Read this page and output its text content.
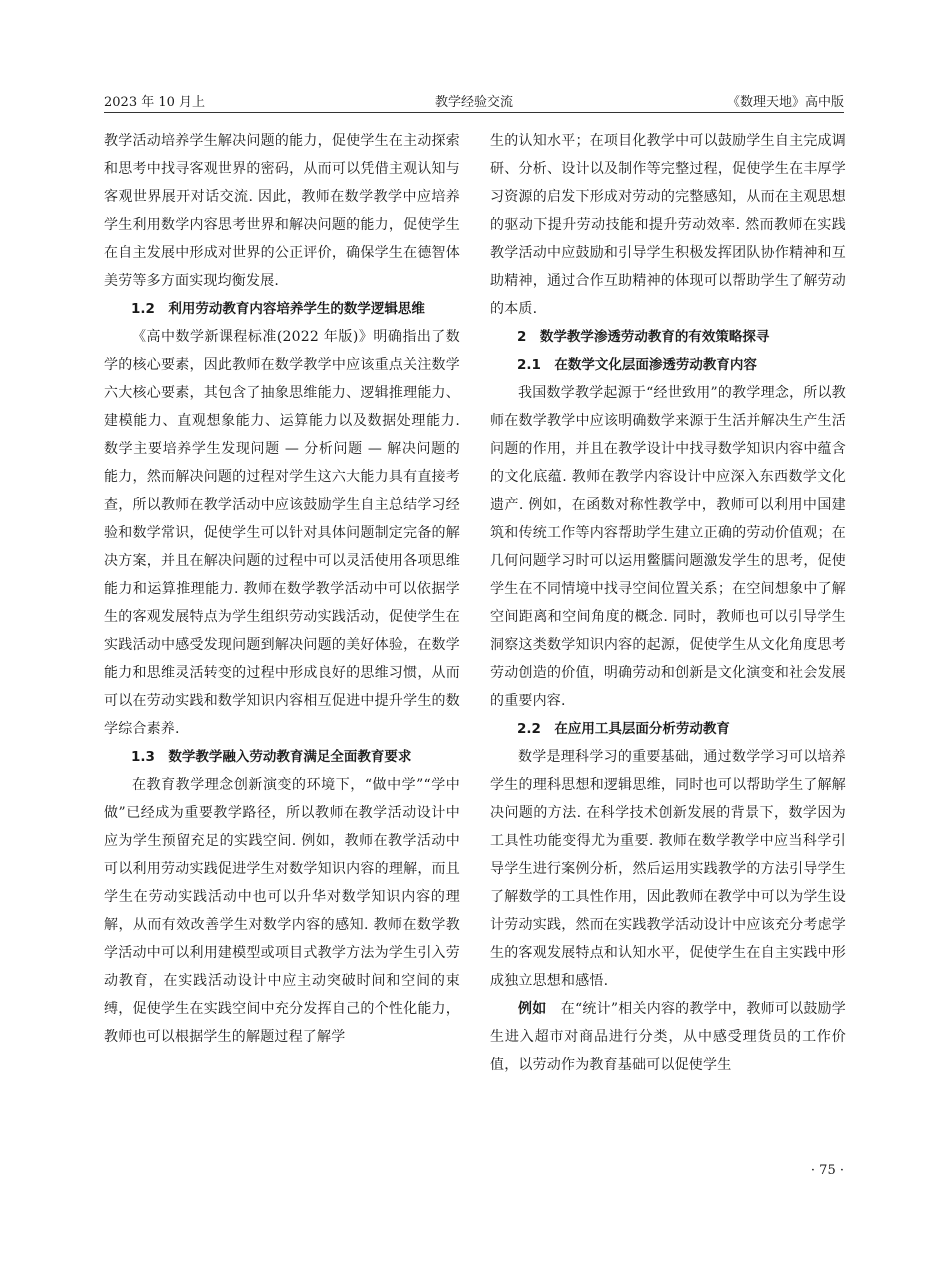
2023 年 10 月上	教学经验交流	《数理天地》高中版

教学活动培养学生解决问题的能力，促使学生在主动探索和思考中找寻客观世界的密码，从而可以凭借主观认知与客观世界展开对话交流. 因此，教师在数学教学中应培养学生利用数学内容思考世界和解决问题的能力，促使学生在自主发展中形成对世界的公正评价，确保学生在德智体美劳等多方面实现均衡发展.

1.2　利用劳动教育内容培养学生的数学逻辑思维

《高中数学新课程标准(2022 年版)》明确指出了数学的核心要素，因此教师在数学教学中应该重点关注数学六大核心要素，其包含了抽象思维能力、逻辑推理能力、建模能力、直观想象能力、运算能力以及数据处理能力. 数学主要培养学生发现问题 — 分析问题 — 解决问题的能力，然而解决问题的过程对学生这六大能力具有直接考查，所以教师在教学活动中应该鼓励学生自主总结学习经验和数学常识，促使学生可以针对具体问题制定完备的解决方案，并且在解决问题的过程中可以灵活使用各项思维能力和运算推理能力. 教师在数学教学活动中可以依据学生的客观发展特点为学生组织劳动实践活动，促使学生在实践活动中感受发现问题到解决问题的美好体验，在数学能力和思维灵活转变的过程中形成良好的思维习惯，从而可以在劳动实践和数学知识内容相互促进中提升学生的数学综合素养.

1.3　数学教学融入劳动教育满足全面教育要求

在教育教学理念创新演变的环境下，“做中学”“学中做”已经成为重要教学路径，所以教师在教学活动设计中应为学生预留充足的实践空间. 例如，教师在教学活动中可以利用劳动实践促进学生对数学知识内容的理解，而且学生在劳动实践活动中也可以升华对数学知识内容的理解，从而有效改善学生对数学内容的感知. 教师在数学教学活动中可以利用建模型或项目式教学方法为学生引入劳动教育，在实践活动设计中应主动突破时间和空间的束缚，促使学生在实践空间中充分发挥自己的个性化能力，教师也可以根据学生的解题过程了解学

生的认知水平；在项目化教学中可以鼓励学生自主完成调研、分析、设计以及制作等完整过程，促使学生在丰厚学习资源的启发下形成对劳动的完整感知，从而在主观思想的驱动下提升劳动技能和提升劳动效率. 然而教师在实践教学活动中应鼓励和引导学生积极发挥团队协作精神和互助精神，通过合作互助精神的体现可以帮助学生了解劳动的本质.

2　数学教学渗透劳动教育的有效策略探寻

2.1　在数学文化层面渗透劳动教育内容

我国数学教学起源于“经世致用”的教学理念，所以教师在数学教学中应该明确数学来源于生活并解决生产生活问题的作用，并且在教学设计中找寻数学知识内容中蕴含的文化底蕴. 教师在教学内容设计中应深入东西数学文化遗产. 例如，在函数对称性教学中，教师可以利用中国建筑和传统工作等内容帮助学生建立正确的劳动价值观；在几何问题学习时可以运用鳖臑问题激发学生的思考，促使学生在不同情境中找寻空间位置关系；在空间想象中了解空间距离和空间角度的概念. 同时，教师也可以引导学生洞察这类数学知识内容的起源，促使学生从文化角度思考劳动创造的价值，明确劳动和创新是文化演变和社会发展的重要内容.

2.2　在应用工具层面分析劳动教育

数学是理科学习的重要基础，通过数学学习可以培养学生的理科思想和逻辑思维，同时也可以帮助学生了解解决问题的方法. 在科学技术创新发展的背景下，数学因为工具性功能变得尤为重要. 教师在数学教学中应当科学引导学生进行案例分析，然后运用实践教学的方法引导学生了解数学的工具性作用，因此教师在教学中可以为学生设计劳动实践，然而在实践教学活动设计中应该充分考虑学生的客观发展特点和认知水平，促使学生在自主实践中形成独立思想和感悟.

例如　在“统计”相关内容的教学中，教师可以鼓励学生进入超市对商品进行分类，从中感受理货员的工作价值，以劳动作为教育基础可以促使学生

· 75 ·
